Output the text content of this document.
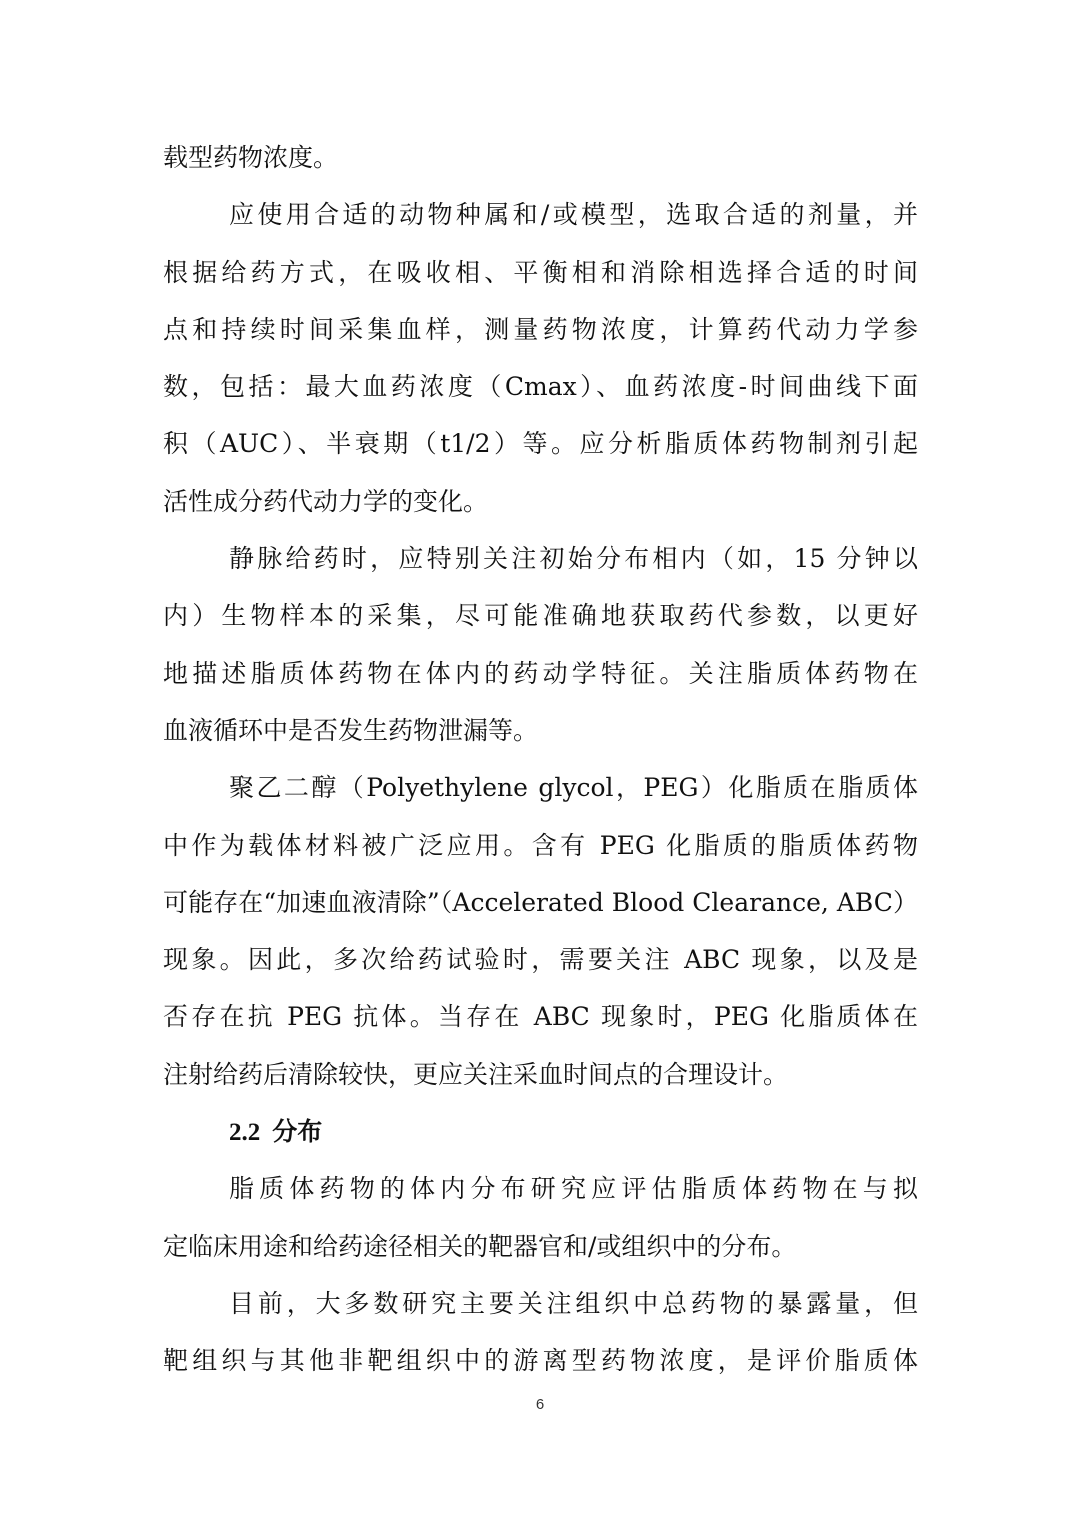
载型药物浓度。
应使用合适的动物种属和/或模型，选取合适的剂量，并
根据给药方式，在吸收相、平衡相和消除相选择合适的时间
点和持续时间采集血样，测量药物浓度，计算药代动力学参
数，包括：最大血药浓度（Cmax）、血药浓度-时间曲线下面
积（AUC）、半衰期（t1/2）等。应分析脂质体药物制剂引起
活性成分药代动力学的变化。
静脉给药时，应特别关注初始分布相内（如，15 分钟以
内）生物样本的采集，尽可能准确地获取药代参数，以更好
地描述脂质体药物在体内的药动学特征。关注脂质体药物在
血液循环中是否发生药物泄漏等。
聚乙二醇（Polyethylene glycol，PEG）化脂质在脂质体
中作为载体材料被广泛应用。含有 PEG 化脂质的脂质体药物
可能存在“加速血液清除”（Accelerated Blood Clearance, ABC）
现象。因此，多次给药试验时，需要关注 ABC 现象，以及是
否存在抗 PEG 抗体。当存在 ABC 现象时，PEG 化脂质体在
注射给药后清除较快，更应关注采血时间点的合理设计。
2.2 分布
脂质体药物的体内分布研究应评估脂质体药物在与拟
定临床用途和给药途径相关的靶器官和/或组织中的分布。
目前，大多数研究主要关注组织中总药物的暴露量，但
靶组织与其他非靶组织中的游离型药物浓度，是评价脂质体
6
